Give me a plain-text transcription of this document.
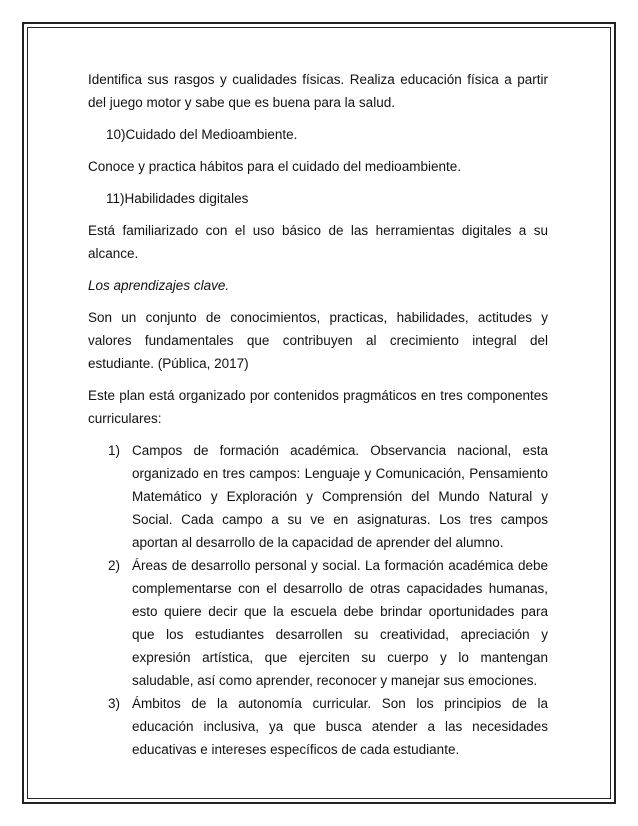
Identifica sus rasgos y cualidades físicas. Realiza educación física a partir del juego motor y sabe que es buena para la salud.

10)Cuidado del Medioambiente.

Conoce y practica hábitos para el cuidado del medioambiente.

11)Habilidades digitales

Está familiarizado con el uso básico de las herramientas digitales a su alcance.

Los aprendizajes clave.

Son un conjunto de conocimientos, practicas, habilidades, actitudes y valores fundamentales que contribuyen al crecimiento integral del estudiante. (Pública, 2017)

Este plan está organizado por contenidos pragmáticos en tres componentes curriculares:

1) Campos de formación académica. Observancia nacional, esta organizado en tres campos: Lenguaje y Comunicación, Pensamiento Matemático y Exploración y Comprensión del Mundo Natural y Social. Cada campo a su ve en asignaturas. Los tres campos aportan al desarrollo de la capacidad de aprender del alumno.
2) Áreas de desarrollo personal y social. La formación académica debe complementarse con el desarrollo de otras capacidades humanas, esto quiere decir que la escuela debe brindar oportunidades para que los estudiantes desarrollen su creatividad, apreciación y expresión artística, que ejerciten su cuerpo y lo mantengan saludable, así como aprender, reconocer y manejar sus emociones.
3) Ámbitos de la autonomía curricular. Son los principios de la educación inclusiva, ya que busca atender a las necesidades educativas e intereses específicos de cada estudiante.
